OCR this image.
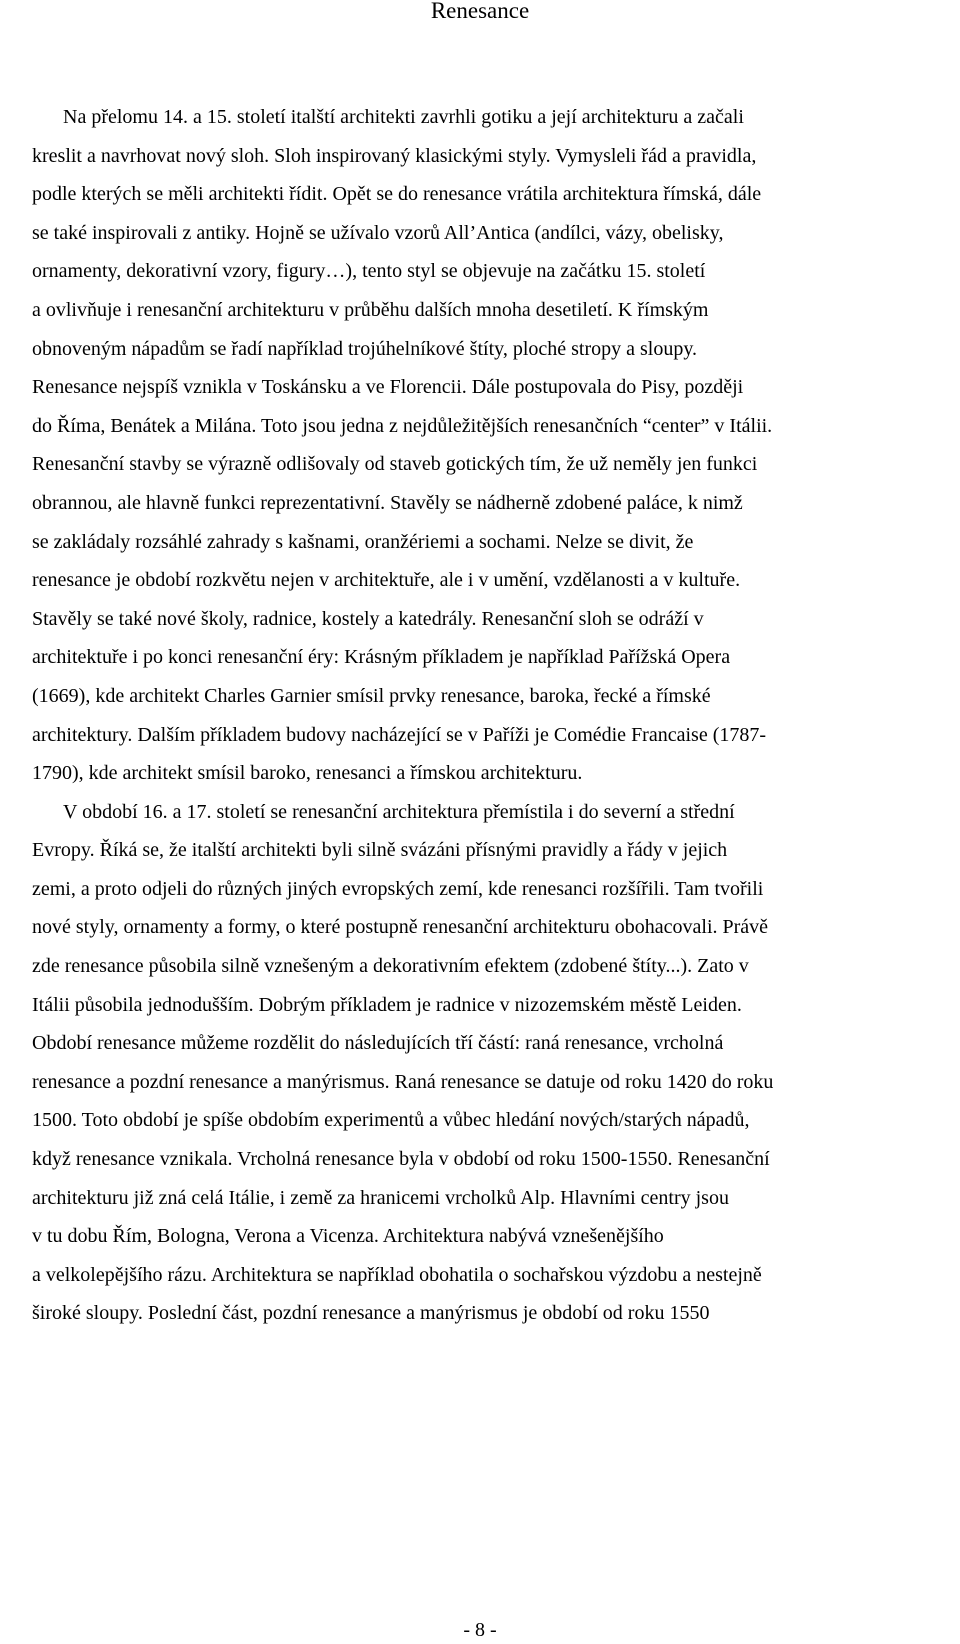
Renesance
Na přelomu 14. a 15. století italští architekti zavrhli gotiku a její architekturu a začali
kreslit a navrhovat nový sloh. Sloh inspirovaný klasickými styly. Vymysleli řád a pravidla,
podle kterých se měli architekti řídit. Opět se do renesance vrátila architektura římská, dále
se také inspirovali z antiky. Hojně se užívalo vzorů All’Antica (andílci, vázy, obelisky,
ornamenty, dekorativní vzory, figury…), tento styl se objevuje na začátku 15. století
a ovlivňuje i renesanční architekturu v průběhu dalších mnoha desetiletí. K římským
obnoveným nápadům se řadí například trojúhelníkové štíty, ploché stropy a sloupy.
Renesance nejspíš vznikla v Toskánsku a ve Florencii. Dále postupovala do Pisy, později
do Říma, Benátek a Milána. Toto jsou jedna z nejdůležitějších renesančních “center” v Itálii.
Renesanční stavby se výrazně odlišovaly od staveb gotických tím, že už neměly jen funkci
obrannou, ale hlavně funkci reprezentativní. Stavěly se nádherně zdobené paláce, k nimž
se zakládaly rozsáhlé zahrady s kašnami, oranžériemi a sochami. Nelze se divit, že
renesance je období rozkvětu nejen v architektuře, ale i v umění, vzdělanosti a v kultuře.
Stavěly se také nové školy, radnice, kostely a katedrály. Renesanční sloh se odráží v
architektuře i po konci renesanční éry: Krásným příkladem je například Pařížská Opera
(1669), kde architekt Charles Garnier smísil prvky renesance, baroka, řecké a římské
architektury. Dalším příkladem budovy nacházející se v Paříži je Comédie Francaise (1787-
1790), kde architekt smísil baroko, renesanci a římskou architekturu.
V období 16. a 17. století se renesanční architektura přemístila i do severní a střední
Evropy. Říká se, že italští architekti byli silně svázáni přísnými pravidly a řády v jejich
zemi, a proto odjeli do různých jiných evropských zemí, kde renesanci rozšířili. Tam tvořili
nové styly, ornamenty a formy, o které postupně renesanční architekturu obohacovali. Právě
zde renesance působila silně vznešeným a dekorativním efektem (zdobené štíty...). Zato v
Itálii působila jednodušším. Dobrým příkladem je radnice v nizozemském městě Leiden.
Období renesance můžeme rozdělit do následujících tří částí: raná renesance, vrcholná
renesance a pozdní renesance a manýrismus. Raná renesance se datuje od roku 1420 do roku
1500. Toto období je spíše obdobím experimentů a vůbec hledání nových/starých nápadů,
když renesance vznikala. Vrcholná renesance byla v období od roku 1500-1550. Renesanční
architekturu již zná celá Itálie, i země za hranicemi vrcholků Alp. Hlavními centry jsou
v tu dobu Řím, Bologna, Verona a Vicenza. Architektura nabývá vznešenějšího
a velkolepějšího rázu. Architektura se například obohatila o sochařskou výzdobu a nestejně
široké sloupy. Poslední část, pozdní renesance a manýrismus je období od roku 1550
- 8 -
